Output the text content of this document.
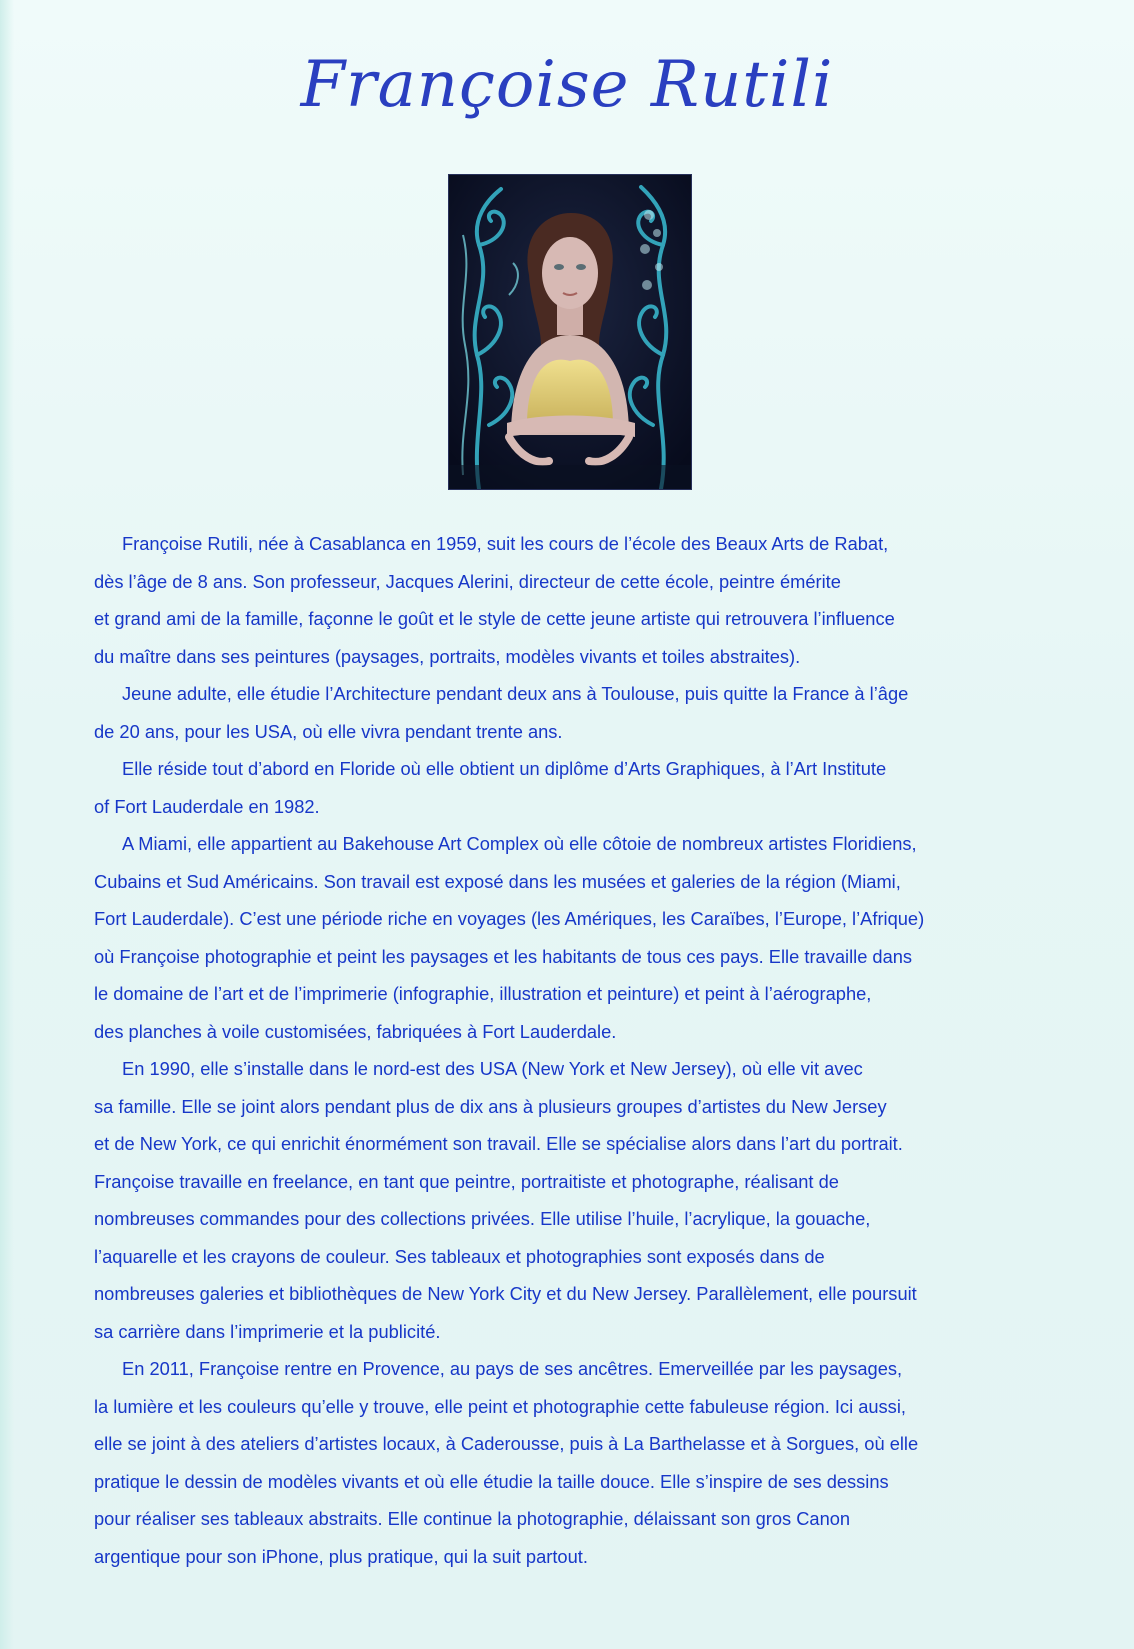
Françoise Rutili

Françoise Rutili, née à Casablanca en 1959, suit les cours de l’école des Beaux Arts de Rabat,

dès l’âge de 8 ans. Son professeur, Jacques Alerini, directeur de cette école, peintre émérite

et grand ami de la famille, façonne le goût et le style de cette jeune artiste qui retrouvera l’influence

du maître dans ses peintures (paysages, portraits, modèles vivants et toiles abstraites).

Jeune adulte, elle étudie l’Architecture pendant deux ans à Toulouse, puis quitte la France à l’âge

de 20 ans, pour les USA, où elle vivra pendant trente ans.

Elle réside tout d’abord en Floride où elle obtient un diplôme d’Arts Graphiques, à l’Art Institute

of Fort Lauderdale en 1982.

A Miami, elle appartient au Bakehouse Art Complex où elle côtoie de nombreux artistes Floridiens,

Cubains et Sud Américains. Son travail est exposé dans les musées et galeries de la région (Miami,

Fort Lauderdale). C’est une période riche en voyages (les Amériques, les Caraïbes, l’Europe, l’Afrique)

où Françoise photographie et peint les paysages et les habitants de tous ces pays. Elle travaille dans

le domaine de l’art et de l’imprimerie (infographie, illustration et peinture) et peint à l’aérographe,

des planches à voile customisées, fabriquées à Fort Lauderdale.

En 1990, elle s’installe dans le nord-est des USA (New York et New Jersey), où elle vit avec

sa famille. Elle se joint alors pendant plus de dix ans à plusieurs groupes d’artistes du New Jersey

et de New York, ce qui enrichit énormément son travail. Elle se spécialise alors dans l’art du portrait.

Françoise travaille en freelance, en tant que peintre, portraitiste et photographe, réalisant de

nombreuses commandes pour des collections privées. Elle utilise l’huile, l’acrylique, la gouache,

l’aquarelle et les crayons de couleur. Ses tableaux et photographies sont exposés dans de

nombreuses galeries et bibliothèques de New York City et du New Jersey. Parallèlement, elle poursuit

sa carrière dans l’imprimerie et la publicité.

En 2011, Françoise rentre en Provence, au pays de ses ancêtres. Emerveillée par les paysages,

la lumière et les couleurs qu’elle y trouve, elle peint et photographie cette fabuleuse région. Ici aussi,

elle se joint à des ateliers d’artistes locaux, à Caderousse, puis à La Barthelasse et à Sorgues, où elle

pratique le dessin de modèles vivants et où elle étudie la taille douce. Elle s’inspire de ses dessins

pour réaliser ses tableaux abstraits. Elle continue la photographie, délaissant son gros Canon

argentique pour son iPhone, plus pratique, qui la suit partout.
